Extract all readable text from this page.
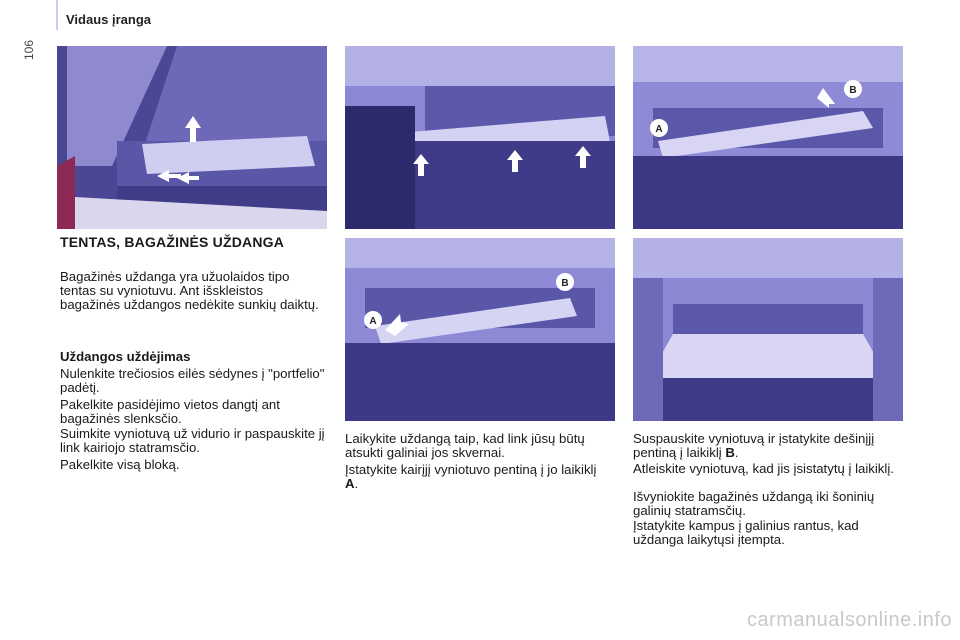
106
Vidaus įranga
A
B
A
B
TENTAS, BAGAŽINĖS UŽDANGA

Bagažinės uždanga yra užuolaidos tipo tentas su vyniotuvu. Ant išskleistos bagažinės uždangos nedėkite sunkių daiktų.

Uždangos uždėjimas

Nulenkite trečiosios eilės sėdynes į "portfelio" padėtį.

Pakelkite pasidėjimo vietos dangtį ant bagažinės slenksčio.

Suimkite vyniotuvą už vidurio ir paspauskite jį link kairiojo statramsčio.

Pakelkite visą bloką.

Laikykite uždangą taip, kad link jūsų būtų atsukti galiniai jos skvernai.

Įstatykite kairįjį vyniotuvo pentiną į jo laikiklį A.

Suspauskite vyniotuvą ir įstatykite dešinįjį pentiną į laikiklį B.

Atleiskite vyniotuvą, kad jis įsistatytų į laikiklį.

Išvyniokite bagažinės uždangą iki šoninių galinių statramsčių.

Įstatykite kampus į galinius rantus, kad uždanga laikytųsi įtempta.

carmanualsonline.info
